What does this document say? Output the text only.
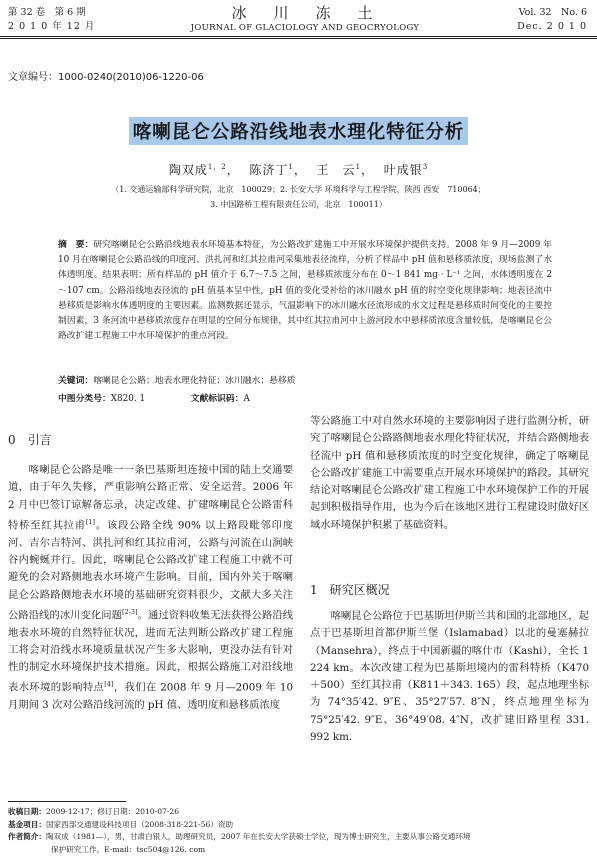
第 32 卷　第 6 期
2 0 1 0 年 12 月
冰　川　冻　土
JOURNAL OF GLACIOLOGY AND GEOCRYOLOGY
Vol. 32　No. 6
Dec. 2 0 1 0
文章编号：1000-0240(2010)06-1220-06
喀喇昆仑公路沿线地表水理化特征分析
陶双成$^{1,2}$， 陈济丁$^1$， 王　云$^1$， 叶成银$^3$
（1. 交通运输部科学研究院，北京　100029；2. 长安大学 环境科学与工程学院，陕西 西安　710064；
3. 中国路桥工程有限责任公司，北京　100011）
摘　要：研究喀喇昆仑公路沿线地表水环境基本特征，为公路改扩建施工中开展水环境保护提供支持。2008 年 9 月—2009 年 10 月在喀喇昆仑公路沿线的印度河、洪扎河和红其拉甫河采集地表径流样，分析了样品中 pH 值和悬移质浓度，现场监测了水体透明度。结果表明：所有样品的 pH 值介于 6.7～7.5 之间，悬移质浓度分布在 0～1 841 mg · L⁻¹ 之间，水体透明度在 2～107 cm。公路沿线地表径流的 pH 值基本呈中性，pH 值的变化受补给的冰川融水 pH 值的时空变化规律影响；地表径流中悬移质是影响水体透明度的主要因素。监测数据还显示，气温影响下的冰川融水径流形成的水文过程是悬移质时间变化的主要控制因素，3 条河流中悬移质浓度存在明显的空间分布规律，其中红其拉甫河中上游河段水中悬移质浓度含量较低，是喀喇昆仑公路改扩建工程施工中水环境保护的重点河段。
关键词：喀喇昆仑公路；地表水理化特征；冰川融水；悬移质
中图分类号：X820. 1	文献标识码：A
0　引言

喀喇昆仑公路是唯一一条巴基斯坦连接中国的陆上交通要道，由于年久失修，严重影响公路正常、安全运营。2006 年 2 月中巴签订谅解备忘录，决定改建、扩建喀喇昆仑公路雷科特桥至红其拉甫[1]。该段公路全线 90% 以上路段毗邻印度河、吉尔吉特河、洪扎河和红其拉甫河，公路与河流在山涧峡谷内蜿蜒并行。因此，喀喇昆仑公路改扩建工程施工中就不可避免的会对路侧地表水环境产生影响。目前，国内外关于喀喇昆仑公路路侧地表水环境的基础研究资料很少，文献大多关注公路沿线的冰川变化问题[2-3]。通过资料收集无法获得公路沿线地表水环境的自然特征状况，进而无法判断公路改扩建工程施工将会对沿线水环境质量状况产生多大影响，更没办法有针对性的制定水环境保护技术措施。因此，根据公路施工对沿线地表水环境的影响特点[4]，我们在 2008 年 9 月—2009 年 10 月期间 3 次对公路沿线河流的 pH 值、透明度和悬移质浓度

等公路施工中对自然水环境的主要影响因子进行监测分析，研究了喀喇昆仑公路路侧地表水理化特征状况，并结合路侧地表径流中 pH 值和悬移质浓度的时空变化规律，确定了喀喇昆仑公路改扩建施工中需要重点开展水环境保护的路段。其研究结论对喀喇昆仑公路改扩建工程施工中水环境保护工作的开展起到积极指导作用，也为今后在该地区进行工程建设时做好区域水环境保护积累了基础资料。

1　研究区概况

喀喇昆仑公路位于巴基斯坦伊斯兰共和国的北部地区，起点于巴基斯坦首都伊斯兰堡（Islamabad）以北的曼塞赫拉（Mansehra），终点于中国新疆的喀什市（Kashi），全长 1 224 km。本次改建工程为巴基斯坦境内的雷科特桥（K470＋500）至红其拉甫（K811＋343. 165）段，起点地理坐标为 74°35′42. 9″E、35°27′57. 8″N，终点地理坐标为 75°25′42. 9″E、36°49′08. 4″N，改扩建旧路里程 331. 992 km.

收稿日期：2009-12-17；修订日期：2010-07-26
基金项目：国家西部交通建设科技项目（2008-318-221-56）资助
作者简介：陶双成（1981—），男，甘肃白银人，助理研究员，2007 年在长安大学获硕士学位，现为博士研究生，主要从事公路交通环境
保护研究工作。E-mail：tsc504@126. com
